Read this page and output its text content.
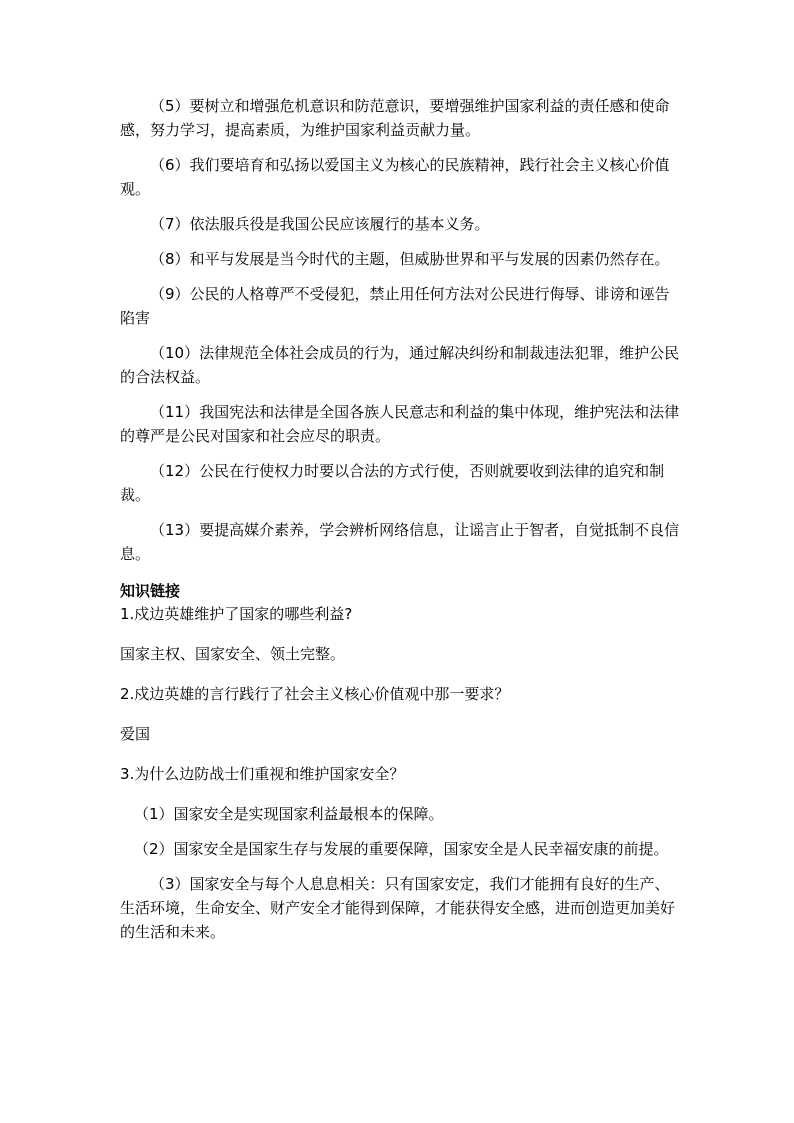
（5）要树立和增强危机意识和防范意识，要增强维护国家利益的责任感和使命感，努力学习，提高素质，为维护国家利益贡献力量。

（6）我们要培育和弘扬以爱国主义为核心的民族精神，践行社会主义核心价值观。

（7）依法服兵役是我国公民应该履行的基本义务。

（8）和平与发展是当今时代的主题，但威胁世界和平与发展的因素仍然存在。

（9）公民的人格尊严不受侵犯，禁止用任何方法对公民进行侮辱、诽谤和诬告陷害

（10）法律规范全体社会成员的行为，通过解决纠纷和制裁违法犯罪，维护公民的合法权益。

（11）我国宪法和法律是全国各族人民意志和利益的集中体现，维护宪法和法律的尊严是公民对国家和社会应尽的职责。

（12）公民在行使权力时要以合法的方式行使，否则就要收到法律的追究和制裁。

（13）要提高媒介素养，学会辨析网络信息，让谣言止于智者，自觉抵制不良信息。

知识链接

1.戍边英雄维护了国家的哪些利益?

国家主权、国家安全、领土完整。

2.戍边英雄的言行践行了社会主义核心价值观中那一要求？

爱国

3.为什么边防战士们重视和维护国家安全？

（1）国家安全是实现国家利益最根本的保障。

（2）国家安全是国家生存与发展的重要保障，国家安全是人民幸福安康的前提。

（3）国家安全与每个人息息相关：只有国家安定，我们才能拥有良好的生产、生活环境，生命安全、财产安全才能得到保障，才能获得安全感，进而创造更加美好的生活和未来。
